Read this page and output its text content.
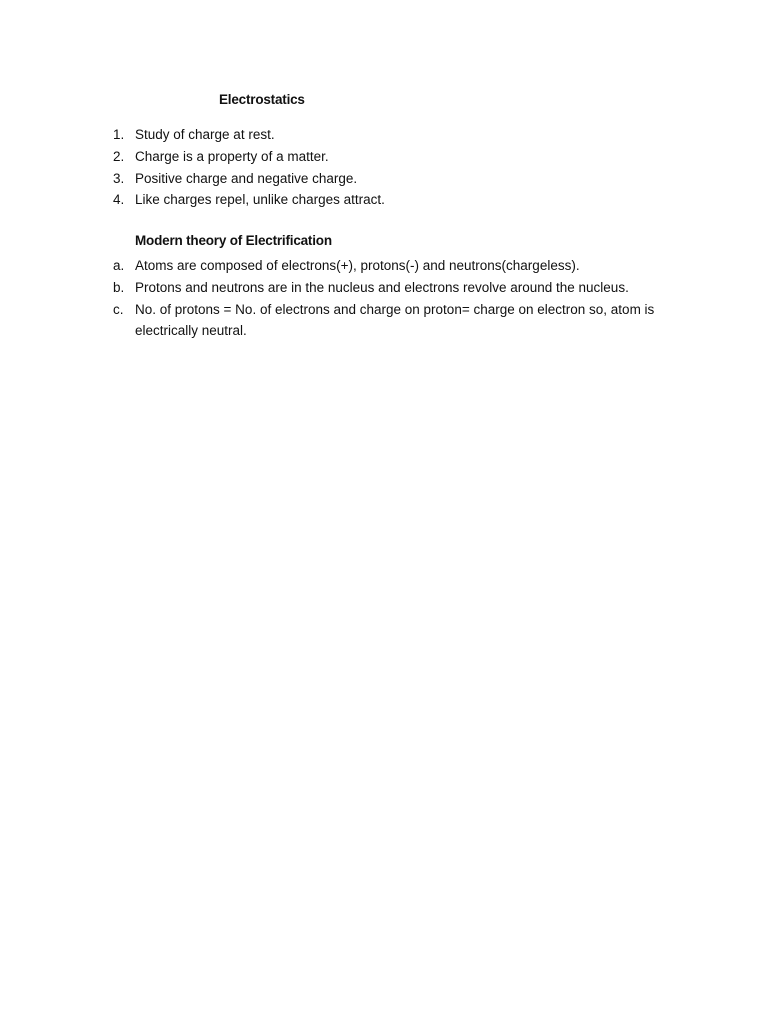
Electrostatics
1. Study of charge at rest.
2. Charge is a property of a matter.
3. Positive charge and negative charge.
4. Like charges repel, unlike charges attract.
Modern theory of Electrification
a. Atoms are composed of electrons(+), protons(-) and neutrons(chargeless).
b. Protons and neutrons are in the nucleus and electrons revolve around the nucleus.
c. No. of protons = No. of electrons and charge on proton= charge on electron so, atom is electrically neutral.
